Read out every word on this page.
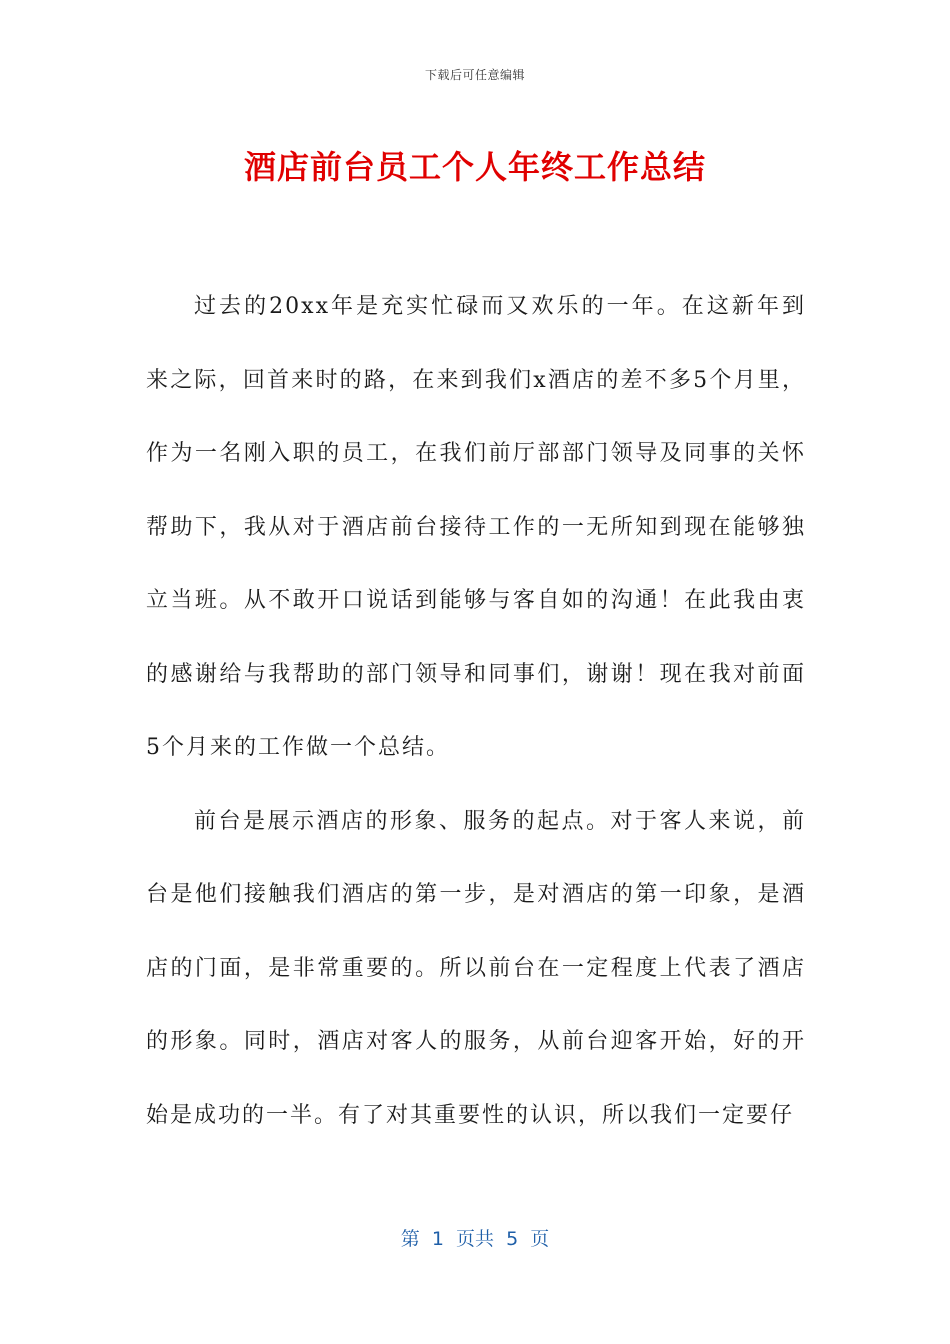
下载后可任意编辑
酒店前台员工个人年终工作总结

过去的20xx年是充实忙碌而又欢乐的一年。在这新年到来之际，回首来时的路，在来到我们x酒店的差不多5个月里，作为一名刚入职的员工，在我们前厅部部门领导及同事的关怀帮助下，我从对于酒店前台接待工作的一无所知到现在能够独立当班。从不敢开口说话到能够与客自如的沟通！在此我由衷的感谢给与我帮助的部门领导和同事们，谢谢！现在我对前面5个月来的工作做一个总结。

前台是展示酒店的形象、服务的起点。对于客人来说，前台是他们接触我们酒店的第一步，是对酒店的第一印象，是酒店的门面，是非常重要的。所以前台在一定程度上代表了酒店的形象。同时，酒店对客人的服务，从前台迎客开始，好的开始是成功的一半。有了对其重要性的认识，所以我们一定要仔

第  1  页共  5  页
